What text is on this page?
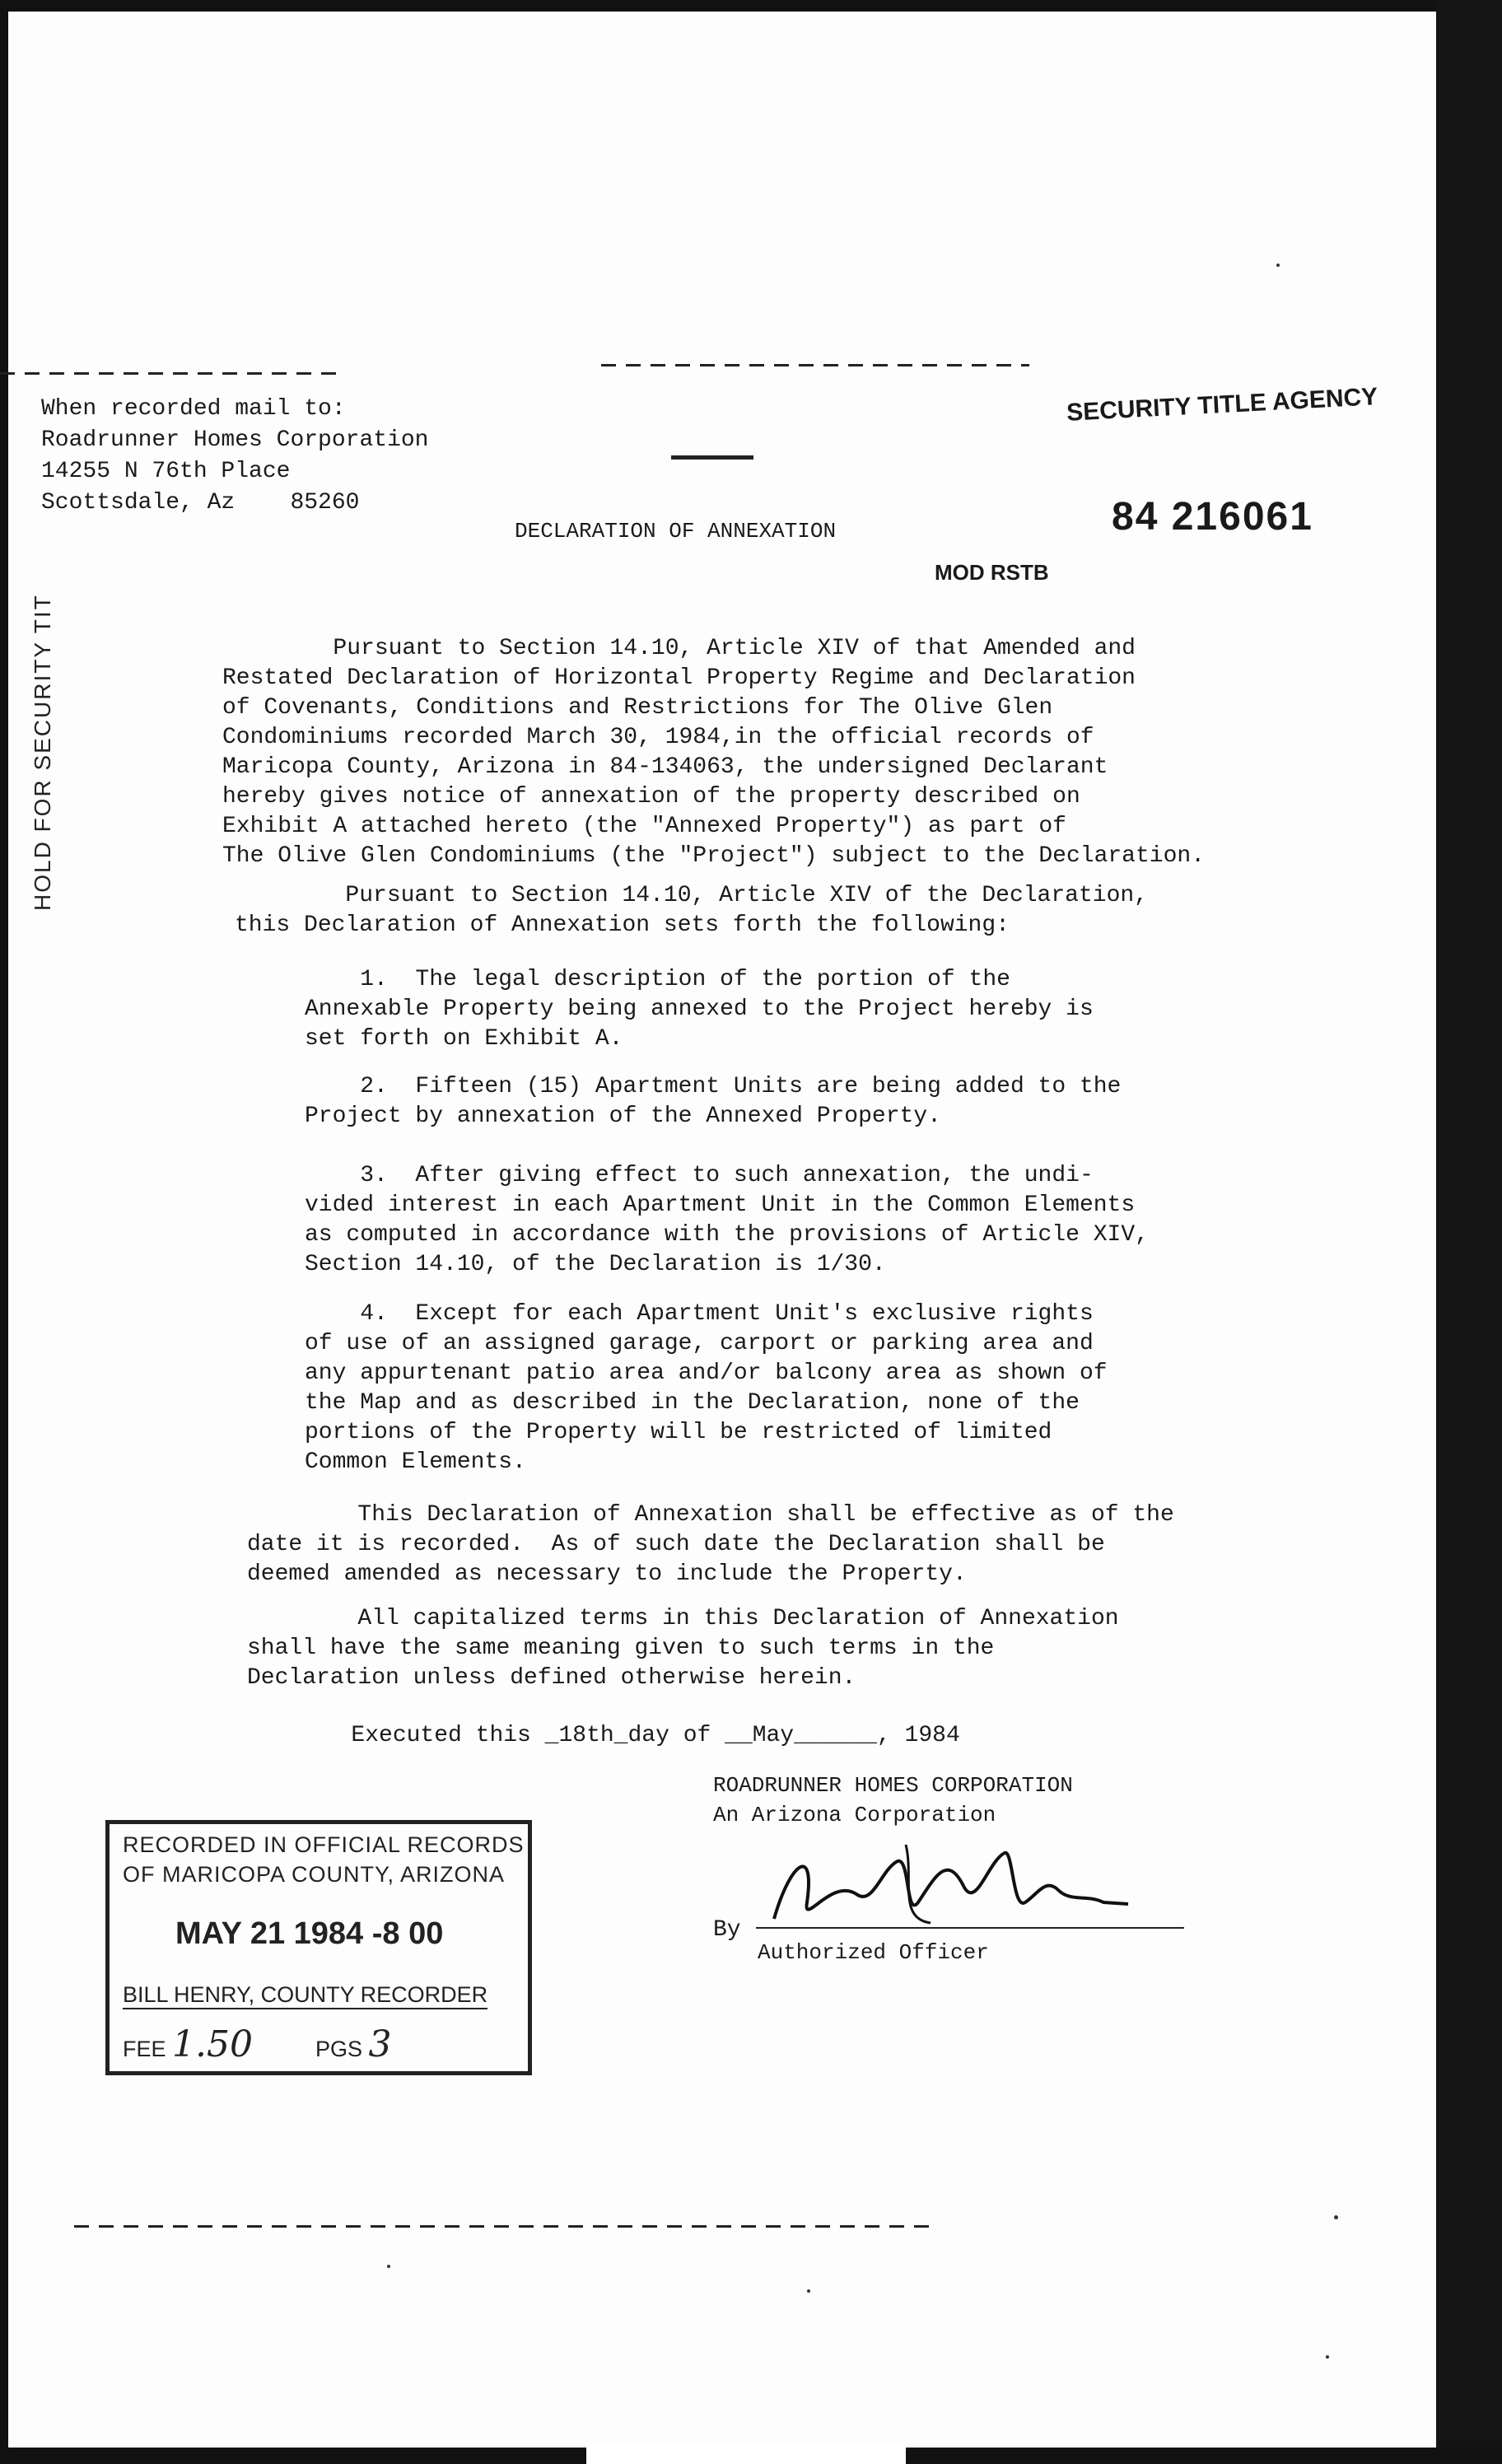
HOLD FOR SECURITY TIT
When recorded mail to:
Roadrunner Homes Corporation
14255 N 76th Place
Scottsdale, Az    85260
SECURITY TITLE AGENCY
84 216061
DECLARATION OF ANNEXATION
MOD RSTB
Pursuant to Section 14.10, Article XIV of that Amended and
Restated Declaration of Horizontal Property Regime and Declaration
of Covenants, Conditions and Restrictions for The Olive Glen
Condominiums recorded March 30, 1984,in the official records of
Maricopa County, Arizona in 84-134063, the undersigned Declarant
hereby gives notice of annexation of the property described on
Exhibit A attached hereto (the "Annexed Property") as part of
The Olive Glen Condominiums (the "Project") subject to the Declaration.
Pursuant to Section 14.10, Article XIV of the Declaration,
this Declaration of Annexation sets forth the following:
1.  The legal description of the portion of the
Annexable Property being annexed to the Project hereby is
set forth on Exhibit A.
2.  Fifteen (15) Apartment Units are being added to the
Project by annexation of the Annexed Property.
3.  After giving effect to such annexation, the undi-
vided interest in each Apartment Unit in the Common Elements
as computed in accordance with the provisions of Article XIV,
Section 14.10, of the Declaration is 1/30.
4.  Except for each Apartment Unit's exclusive rights
of use of an assigned garage, carport or parking area and
any appurtenant patio area and/or balcony area as shown of
the Map and as described in the Declaration, none of the
portions of the Property will be restricted of limited
Common Elements.
This Declaration of Annexation shall be effective as of the
date it is recorded.  As of such date the Declaration shall be
deemed amended as necessary to include the Property.
All capitalized terms in this Declaration of Annexation
shall have the same meaning given to such terms in the
Declaration unless defined otherwise herein.
Executed this _18th_day of __May______, 1984
ROADRUNNER HOMES CORPORATION
An Arizona Corporation
By
Authorized Officer
RECORDED IN OFFICIAL RECORDS
OF MARICOPA COUNTY, ARIZONA
MAY 21 1984 -8 00
BILL HENRY, COUNTY RECORDER
FEE 1.50	PGS 3
